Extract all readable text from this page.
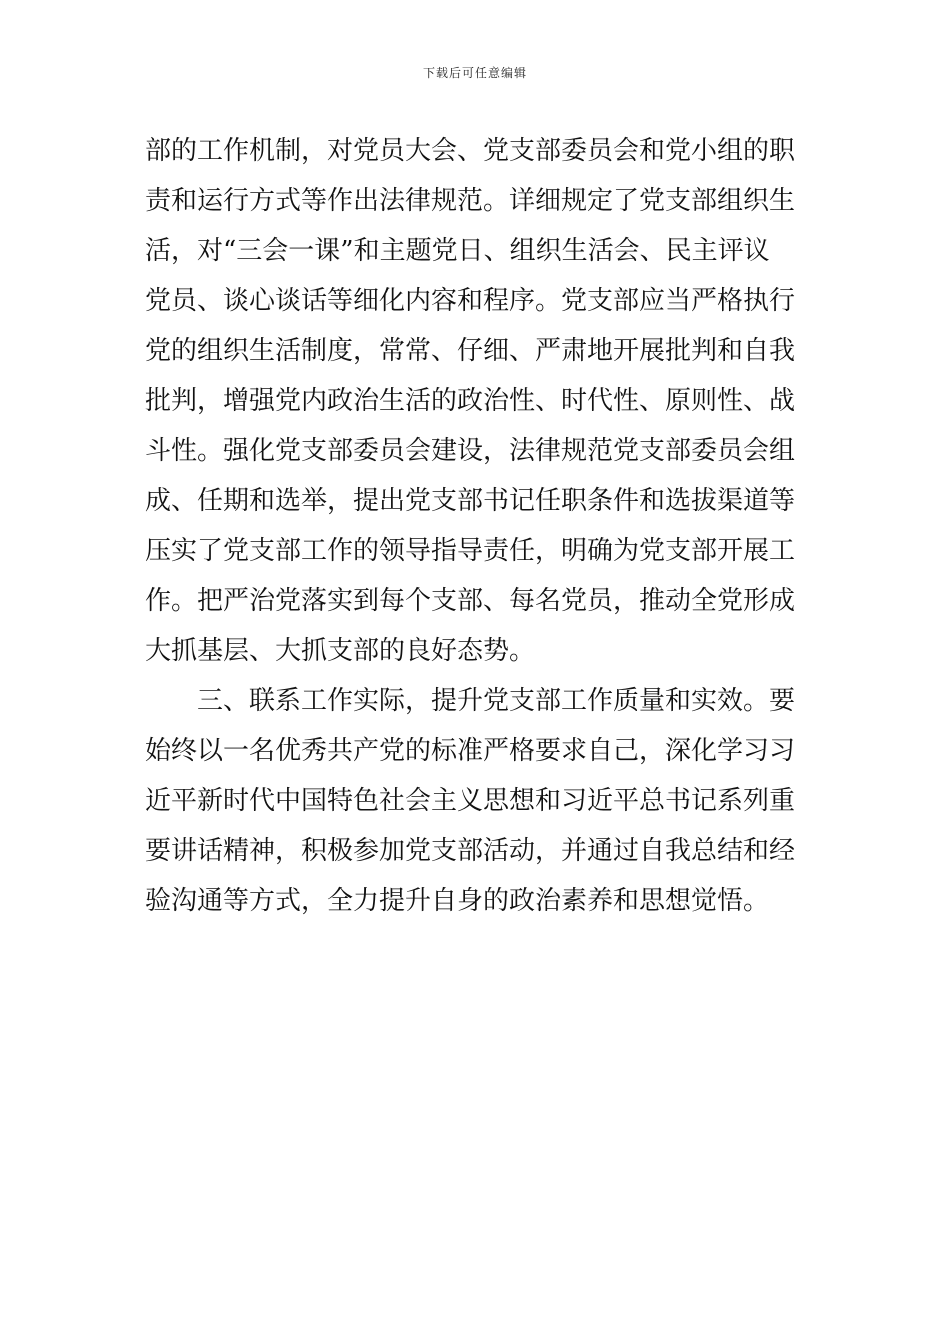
下载后可任意编辑
部的工作机制，对党员大会、党支部委员会和党小组的职
责和运行方式等作出法律规范。详细规定了党支部组织生
活，对“三会一课”和主题党日、组织生活会、民主评议
党员、谈心谈话等细化内容和程序。党支部应当严格执行
党的组织生活制度，常常、仔细、严肃地开展批判和自我
批判，增强党内政治生活的政治性、时代性、原则性、战
斗性。强化党支部委员会建设，法律规范党支部委员会组
成、任期和选举，提出党支部书记任职条件和选拔渠道等
压实了党支部工作的领导指导责任，明确为党支部开展工
作。把严治党落实到每个支部、每名党员，推动全党形成
大抓基层、大抓支部的良好态势。
三、联系工作实际，提升党支部工作质量和实效。要
始终以一名优秀共产党的标准严格要求自己，深化学习习
近平新时代中国特色社会主义思想和习近平总书记系列重
要讲话精神，积极参加党支部活动，并通过自我总结和经
验沟通等方式，全力提升自身的政治素养和思想觉悟。
